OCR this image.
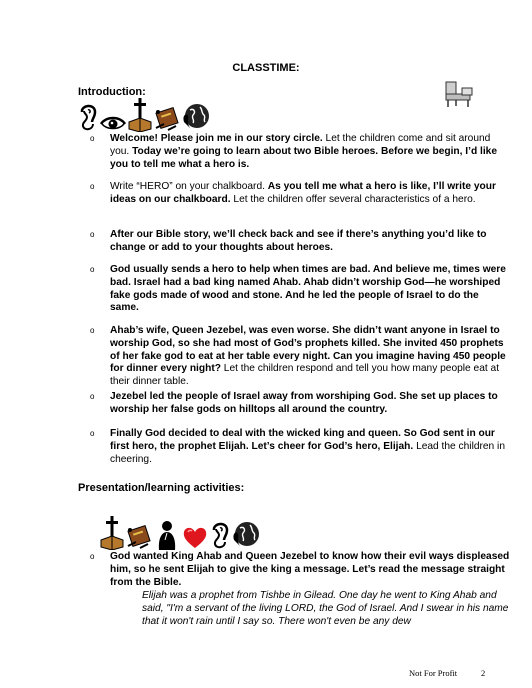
CLASSTIME:
Introduction:
o Welcome! Please join me in our story circle. Let the children come and sit around you. Today we’re going to learn about two Bible heroes. Before we begin, I’d like you to tell me what a hero is.
o Write “HERO” on your chalkboard. As you tell me what a hero is like, I’ll write your ideas on our chalkboard. Let the children offer several characteristics of a hero.
o After our Bible story, we’ll check back and see if there’s anything you’d like to change or add to your thoughts about heroes.
o God usually sends a hero to help when times are bad. And believe me, times were bad. Israel had a bad king named Ahab. Ahab didn’t worship God—he worshiped fake gods made of wood and stone. And he led the people of Israel to do the same.
o Ahab’s wife, Queen Jezebel, was even worse. She didn’t want anyone in Israel to worship God, so she had most of God’s prophets killed. She invited 450 prophets of her fake god to eat at her table every night. Can you imagine having 450 people for dinner every night? Let the children respond and tell you how many people eat at their dinner table.
o Jezebel led the people of Israel away from worshiping God. She set up places to worship her false gods on hilltops all around the country.
o Finally God decided to deal with the wicked king and queen. So God sent in our first hero, the prophet Elijah. Let’s cheer for God’s hero, Elijah. Lead the children in cheering.
Presentation/learning activities:
o God wanted King Ahab and Queen Jezebel to know how their evil ways displeased him, so he sent Elijah to give the king a message. Let’s read the message straight from the Bible.
Elijah was a prophet from Tishbe in Gilead. One day he went to King Ahab and said, "I'm a servant of the living LORD, the God of Israel. And I swear in his name that it won't rain until I say so. There won't even be any dew
Not For Profit	2
